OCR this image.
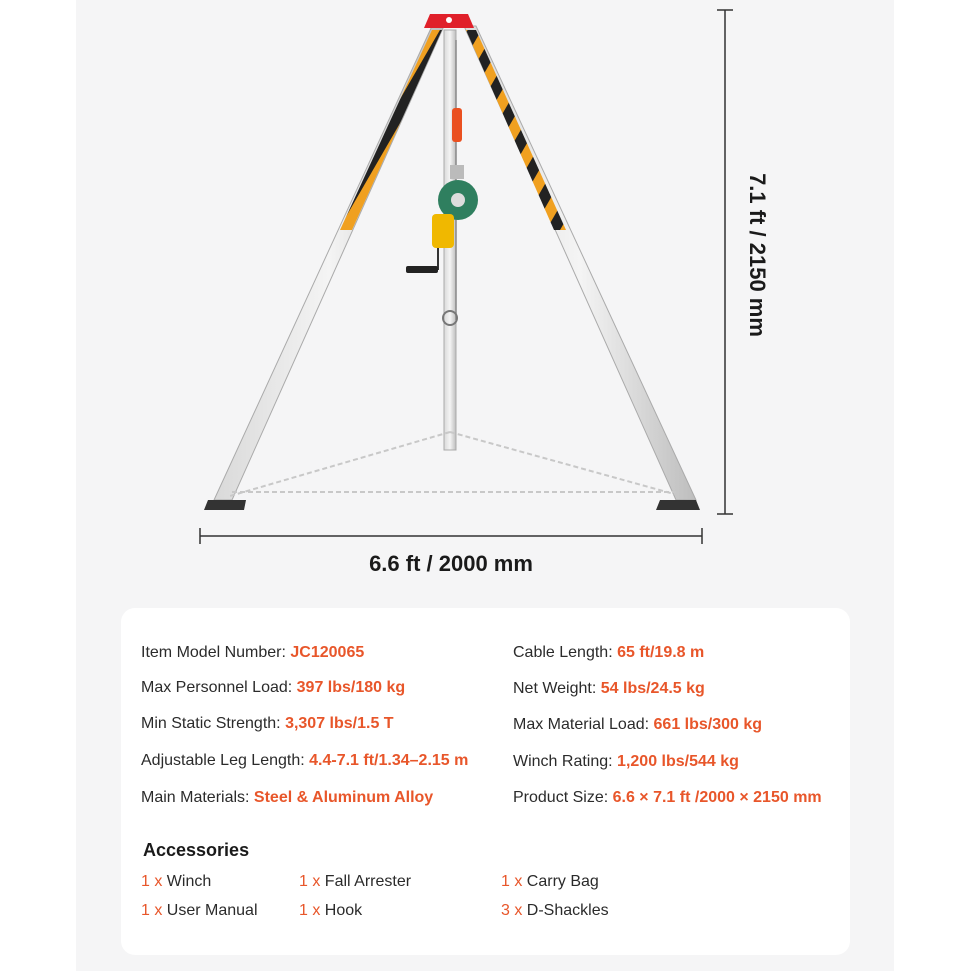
6.6 ft / 2000 mm
7.1 ft / 2150 mm
Item Model Number: JC120065
Max Personnel Load: 397 lbs/180 kg
Min Static Strength: 3,307 lbs/1.5 T
Adjustable Leg Length: 4.4-7.1 ft/1.34–2.15 m
Main Materials: Steel & Aluminum Alloy
Cable Length: 65 ft/19.8 m
Net Weight: 54 lbs/24.5 kg
Max Material Load: 661 lbs/300 kg
Winch Rating: 1,200 lbs/544 kg
Product Size: 6.6 × 7.1 ft /2000 × 2150 mm
Accessories
1 x Winch	1 x Fall Arrester	1 x Carry Bag
1 x User Manual	1 x Hook	3 x D-Shackles
